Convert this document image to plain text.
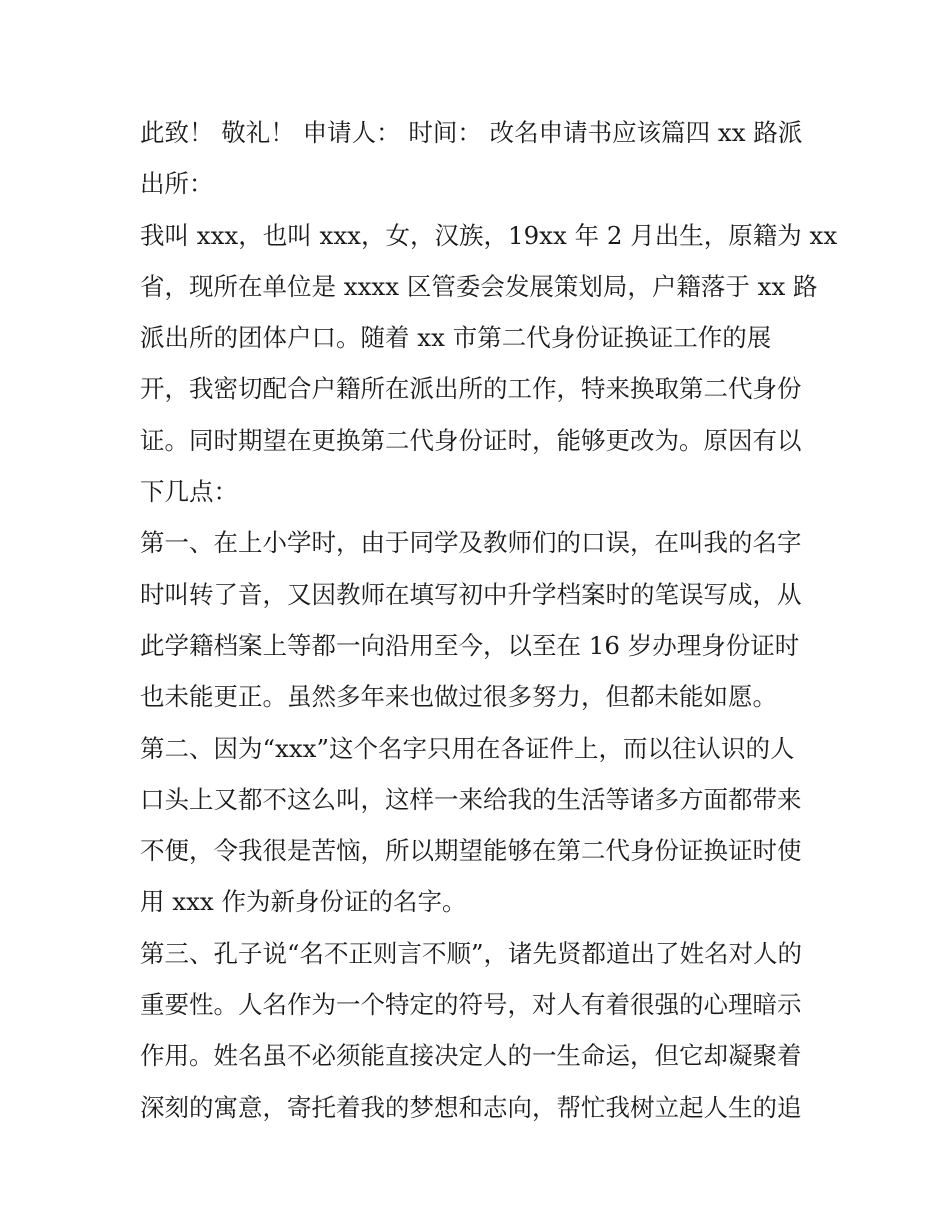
此致！ 敬礼！ 申请人： 时间： 改名申请书应该篇四 xx 路派
出所：
我叫 xxx，也叫 xxx，女，汉族，19xx 年 2 月出生，原籍为 xx
省，现所在单位是 xxxx 区管委会发展策划局，户籍落于 xx 路
派出所的团体户口。随着 xx 市第二代身份证换证工作的展
开，我密切配合户籍所在派出所的工作，特来换取第二代身份
证。同时期望在更换第二代身份证时，能够更改为。原因有以
下几点：
第一、在上小学时，由于同学及教师们的口误，在叫我的名字
时叫转了音，又因教师在填写初中升学档案时的笔误写成，从
此学籍档案上等都一向沿用至今，以至在 16 岁办理身份证时
也未能更正。虽然多年来也做过很多努力，但都未能如愿。
第二、因为“xxx”这个名字只用在各证件上，而以往认识的人
口头上又都不这么叫，这样一来给我的生活等诸多方面都带来
不便，令我很是苦恼，所以期望能够在第二代身份证换证时使
用 xxx 作为新身份证的名字。
第三、孔子说“名不正则言不顺”，诸先贤都道出了姓名对人的
重要性。人名作为一个特定的符号，对人有着很强的心理暗示
作用。姓名虽不必须能直接决定人的一生命运，但它却凝聚着
深刻的寓意，寄托着我的梦想和志向，帮忙我树立起人生的追
